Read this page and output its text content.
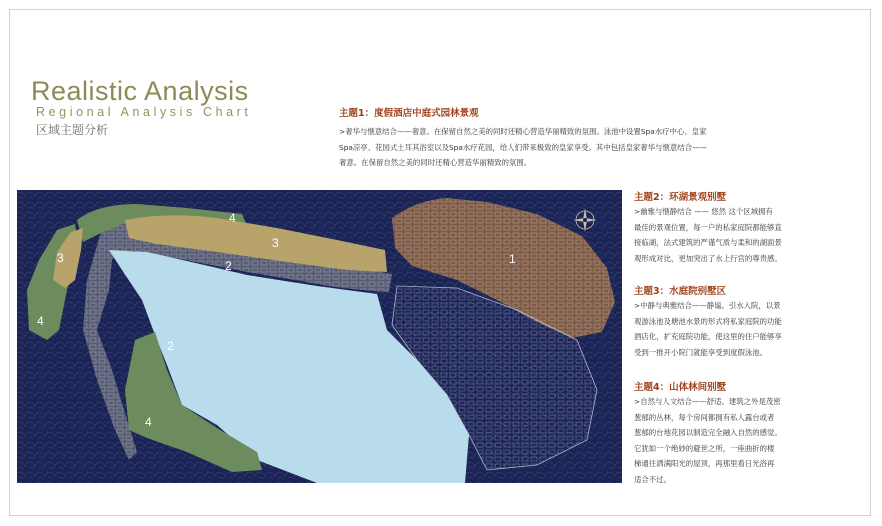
Realistic Analysis
Regional Analysis Chart
区域主题分析
主题1：度假酒店中庭式园林景观
>奢华与惬意结合——奢意。在保留自然之美的同时还精心营造华丽精致的氛围。泳池中设置Spa水疗中心、皇家
Spa凉亭、花园式土耳其浴室以及Spa水疗花园，给人们带来极致的皇家享受。其中包括皇家奢华与惬意结合——
奢意。在保留自然之美的同时还精心营造华丽精致的氛围。
主题2：环湖景观别墅
>幽雅与惬静结合 —— 悠然 这个区域拥有
最佳的景观位置，每一户的私家庭院都能够直
接临湖，法式建筑的严谨气质与柔和的湖面景
观形成对比，更加突出了水上行宫的尊贵感。
主题3：水庭院别墅区
>中静与典雅结合——静谧。引水入院，以景
观游泳池及塘池水景的形式将私家庭院的功能
酒店化，扩充庭院功能，使这里的住户能够享
受到一推开小院门就能享受到度假泳池。
主题4：山体林间别墅
>自然与人文结合——舒适。建筑之外是茂密
葱郁的丛林，每个房间都拥有私人露台或者
葱郁的台地花园以制造完全融入自然的感觉。
它犹如一个绝妙的避世之所，一座曲折的楼
梯通往洒满阳光的屋顶，再那里看日光浴再
适合不过。
1
2
2
3
3
4
4
4
